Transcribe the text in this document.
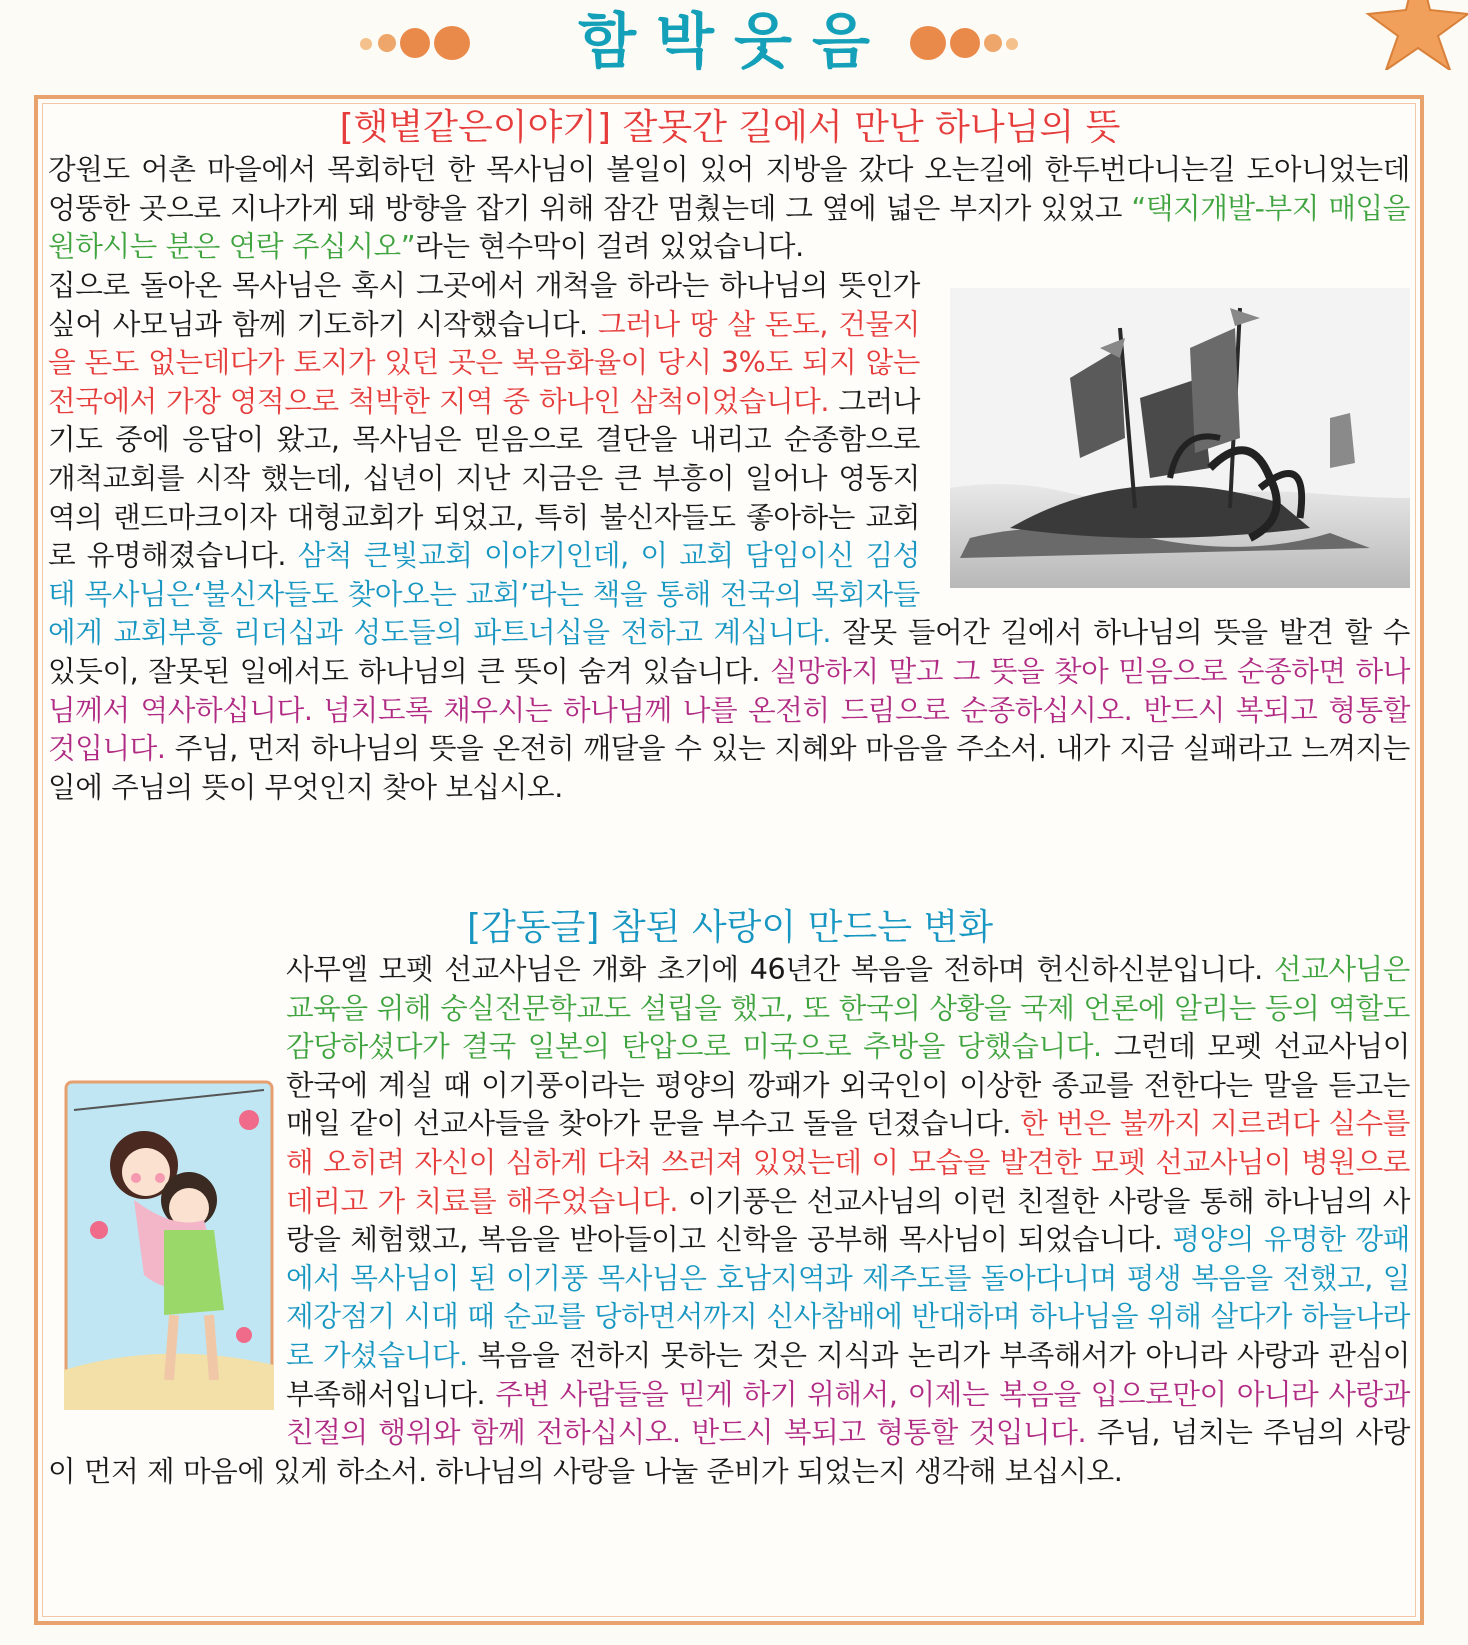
함박웃음
[햇볕같은이야기] 잘못간 길에서 만난 하나님의 뜻
강원도 어촌 마을에서 목회하던 한 목사님이 볼일이 있어 지방을 갔다 오는길에 한두번다니는길 도아니었는데 엉뚱한 곳으로 지나가게 돼 방향을 잡기 위해 잠간 멈췄는데 그 옆에 넓은 부지가 있었고 “택지개발-부지 매입을 원하시는 분은 연락 주십시오”라는 현수막이 걸려 있었습니다.
집으로 돌아온 목사님은 혹시 그곳에서 개척을 하라는 하나님의 뜻인가 싶어 사모님과 함께 기도하기 시작했습니다. 그러나 땅 살 돈도, 건물지을 돈도 없는데다가 토지가 있던 곳은 복음화율이 당시 3%도 되지 않는 전국에서 가장 영적으로 척박한 지역 중 하나인 삼척이었습니다. 그러나 기도 중에 응답이 왔고, 목사님은 믿음으로 결단을 내리고 순종함으로 개척교회를 시작 했는데, 십년이 지난 지금은 큰 부흥이 일어나 영동지역의 랜드마크이자 대형교회가 되었고, 특히 불신자들도 좋아하는 교회로 유명해졌습니다. 삼척 큰빛교회 이야기인데, 이 교회 담임이신 김성태 목사님은‘불신자들도 찾아오는 교회’라는 책을 통해 전국의 목회자들에게 교회부흥 리더십과 성도들의 파트너십을 전하고 계십니다. 잘못 들어간 길에서 하나님의 뜻을 발견 할 수 있듯이, 잘못된 일에서도 하나님의 큰 뜻이 숨겨 있습니다. 실망하지 말고 그 뜻을 찾아 믿음으로 순종하면 하나님께서 역사하십니다. 넘치도록 채우시는 하나님께 나를 온전히 드림으로 순종하십시오. 반드시 복되고 형통할 것입니다. 주님, 먼저 하나님의 뜻을 온전히 깨달을 수 있는 지혜와 마음을 주소서. 내가 지금 실패라고 느껴지는 일에 주님의 뜻이 무엇인지 찾아 보십시오.
[감동글] 참된 사랑이 만드는 변화
사무엘 모펫 선교사님은 개화 초기에 46년간 복음을 전하며 헌신하신분입니다. 선교사님은 교육을 위해 숭실전문학교도 설립을 했고, 또 한국의 상황을 국제 언론에 알리는 등의 역할도 감당하셨다가 결국 일본의 탄압으로 미국으로 추방을 당했습니다. 그런데 모펫 선교사님이 한국에 계실 때 이기풍이라는 평양의 깡패가 외국인이 이상한 종교를 전한다는 말을 듣고는 매일 같이 선교사들을 찾아가 문을 부수고 돌을 던졌습니다. 한 번은 불까지 지르려다 실수를 해 오히려 자신이 심하게 다쳐 쓰러져 있었는데 이 모습을 발견한 모펫 선교사님이 병원으로 데리고 가 치료를 해주었습니다. 이기풍은 선교사님의 이런 친절한 사랑을 통해 하나님의 사랑을 체험했고, 복음을 받아들이고 신학을 공부해 목사님이 되었습니다. 평양의 유명한 깡패에서 목사님이 된 이기풍 목사님은 호남지역과 제주도를 돌아다니며 평생 복음을 전했고, 일제강점기 시대 때 순교를 당하면서까지 신사참배에 반대하며 하나님을 위해 살다가 하늘나라로 가셨습니다. 복음을 전하지 못하는 것은 지식과 논리가 부족해서가 아니라 사랑과 관심이 부족해서입니다. 주변 사람들을 믿게 하기 위해서, 이제는 복음을 입으로만이 아니라 사랑과 친절의 행위와 함께 전하십시오. 반드시 복되고 형통할 것입니다. 주님, 넘치는 주님의 사랑이 먼저 제 마음에 있게 하소서. 하나님의 사랑을 나눌 준비가 되었는지 생각해 보십시오.
